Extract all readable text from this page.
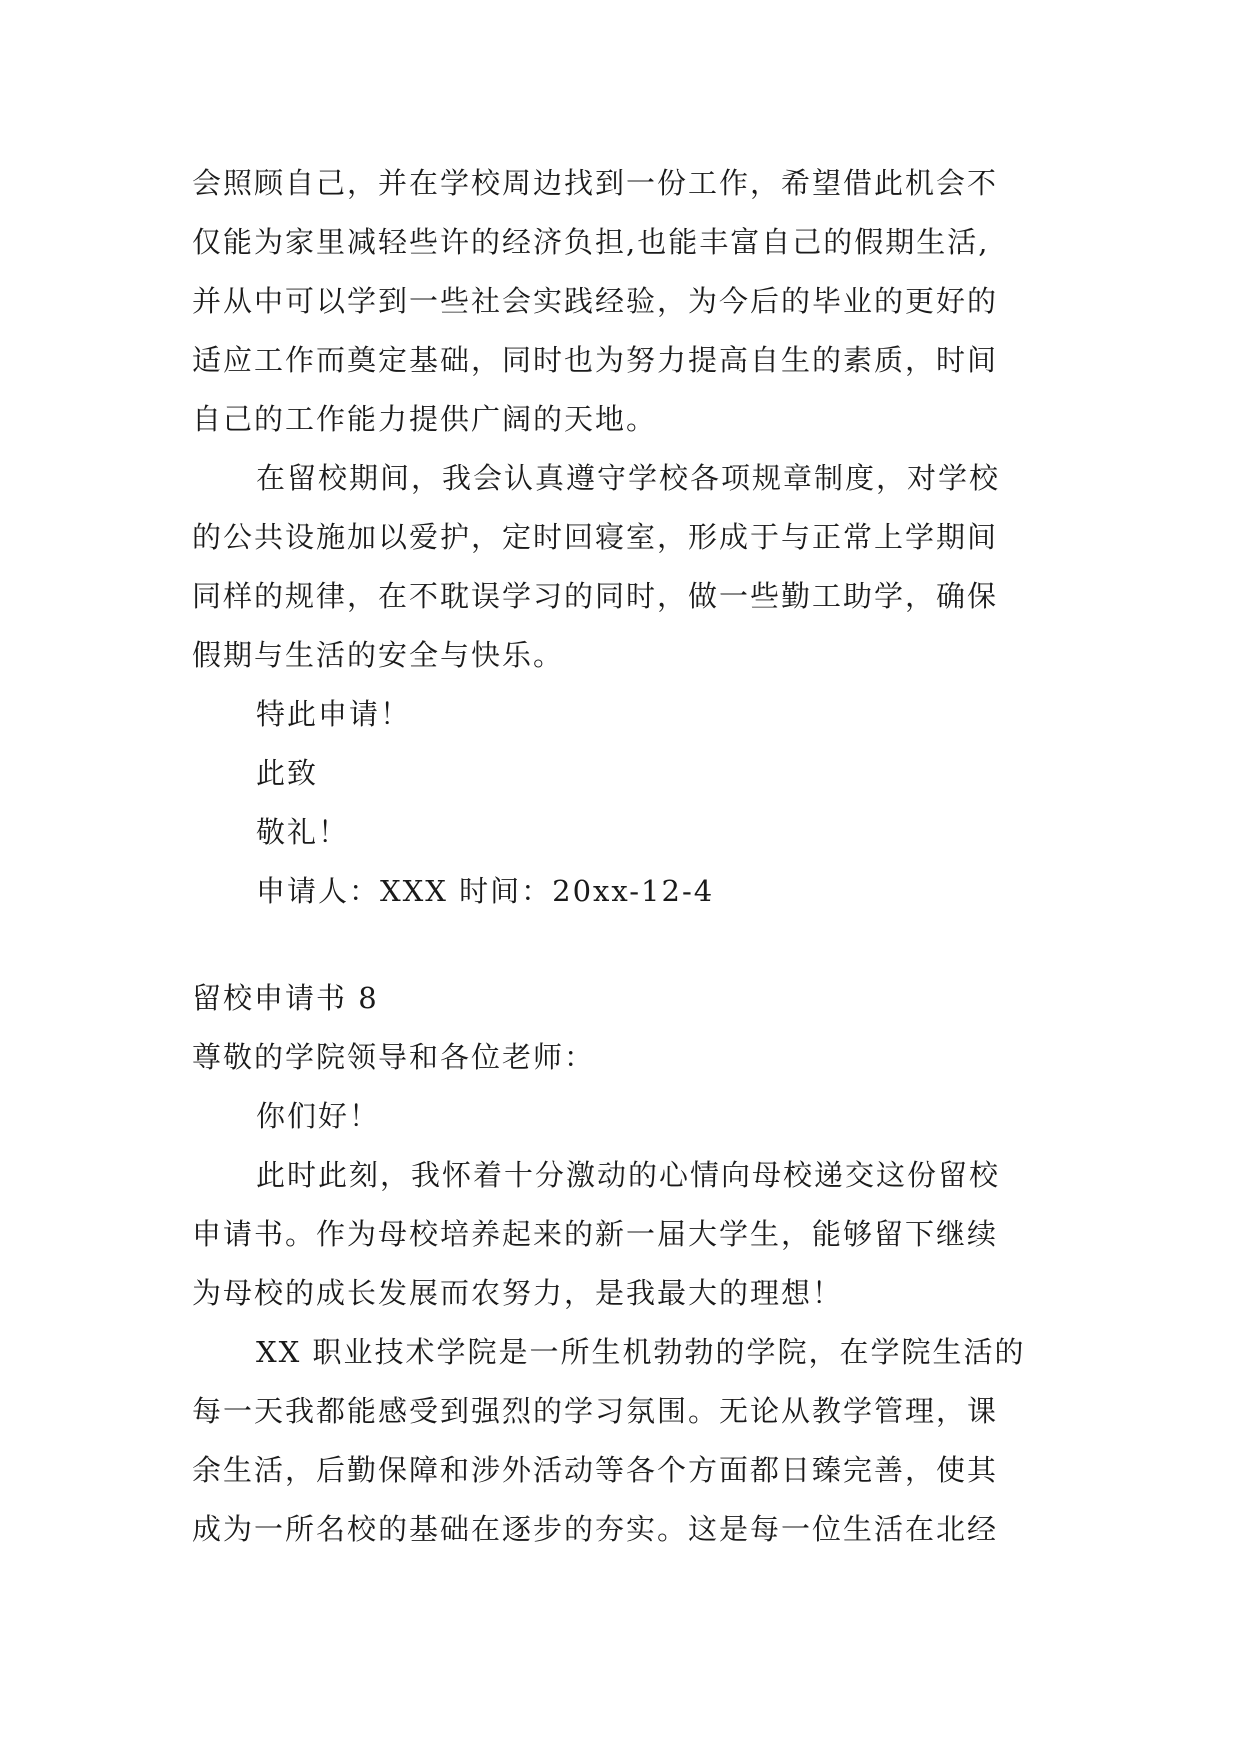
会照顾自己，并在学校周边找到一份工作，希望借此机会不
仅能为家里减轻些许的经济负担,也能丰富自己的假期生活,
并从中可以学到一些社会实践经验，为今后的毕业的更好的
适应工作而奠定基础，同时也为努力提高自生的素质，时间
自己的工作能力提供广阔的天地。
在留校期间，我会认真遵守学校各项规章制度，对学校
的公共设施加以爱护，定时回寝室，形成于与正常上学期间
同样的规律，在不耽误学习的同时，做一些勤工助学，确保
假期与生活的安全与快乐。
特此申请！
此致
敬礼！
申请人：XXX 时间：20xx-12-4
留校申请书 8
尊敬的学院领导和各位老师：
你们好！
此时此刻，我怀着十分激动的心情向母校递交这份留校
申请书。作为母校培养起来的新一届大学生，能够留下继续
为母校的成长发展而农努力，是我最大的理想！
XX 职业技术学院是一所生机勃勃的学院，在学院生活的
每一天我都能感受到强烈的学习氛围。无论从教学管理，课
余生活，后勤保障和涉外活动等各个方面都日臻完善，使其
成为一所名校的基础在逐步的夯实。这是每一位生活在北经
